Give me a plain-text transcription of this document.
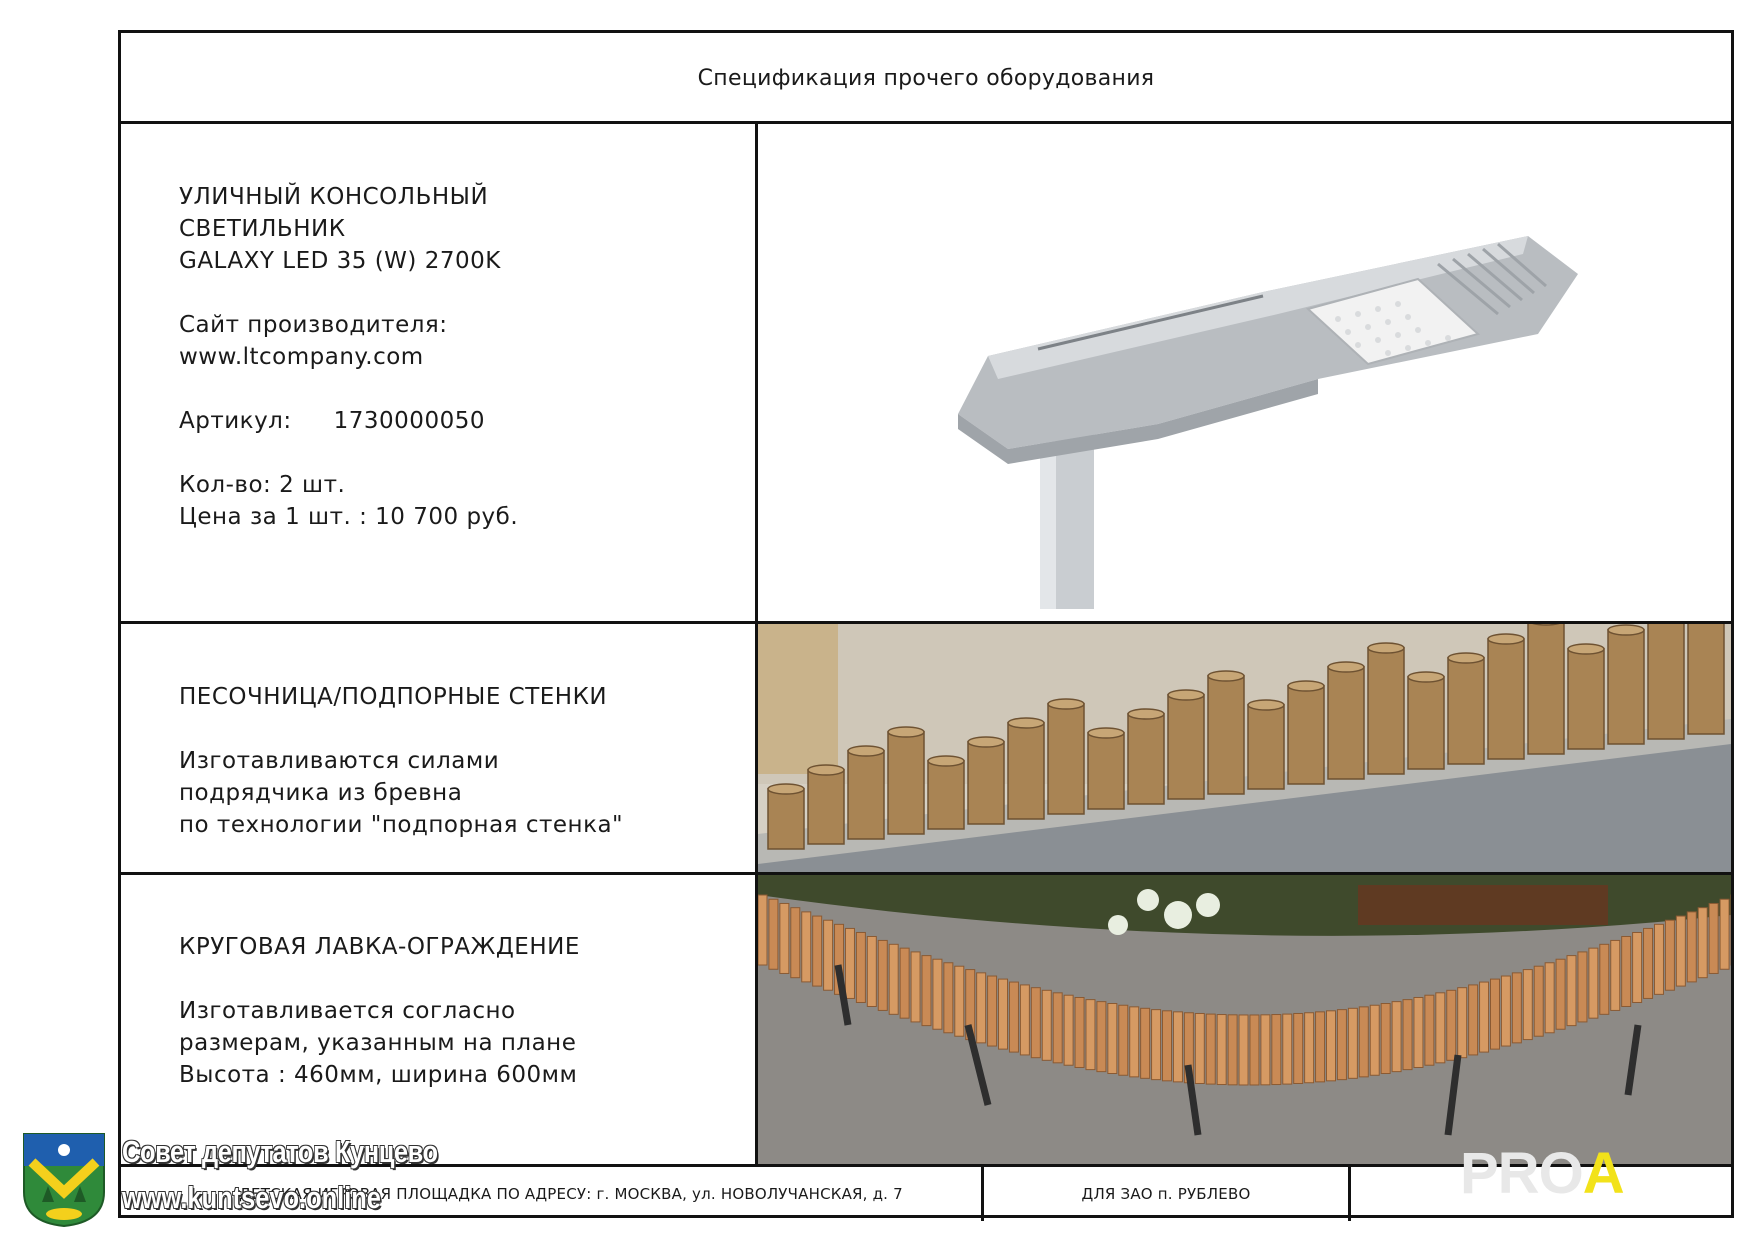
Спецификация прочего оборудования

УЛИЧНЫЙ КОНСОЛЬНЫЙ

СВЕТИЛЬНИК

GALAXY LED 35 (W) 2700K

Сайт производителя:

www.ltcompany.com

Артикул: 1730000050

Кол-во: 2 шт.

Цена за 1 шт. : 10 700 руб.

ПЕСОЧНИЦА/ПОДПОРНЫЕ СТЕНКИ

Изготавливаются силами

подрядчика из бревна

по технологии "подпорная стенка"

КРУГОВАЯ ЛАВКА-ОГРАЖДЕНИЕ

Изготавливается согласно

размерам, указанным на плане

Высота : 460мм, ширина 600мм

ДЕТСКАЯ ИГРОВАЯ ПЛОЩАДКА ПО АДРЕСУ: г. МОСКВА, ул. НОВОЛУЧАНСКАЯ, д. 7	ДЛЯ ЗАО п. РУБЛЕВО	PROA
Совет депутатов Кунцево
www.kuntsevo.online
